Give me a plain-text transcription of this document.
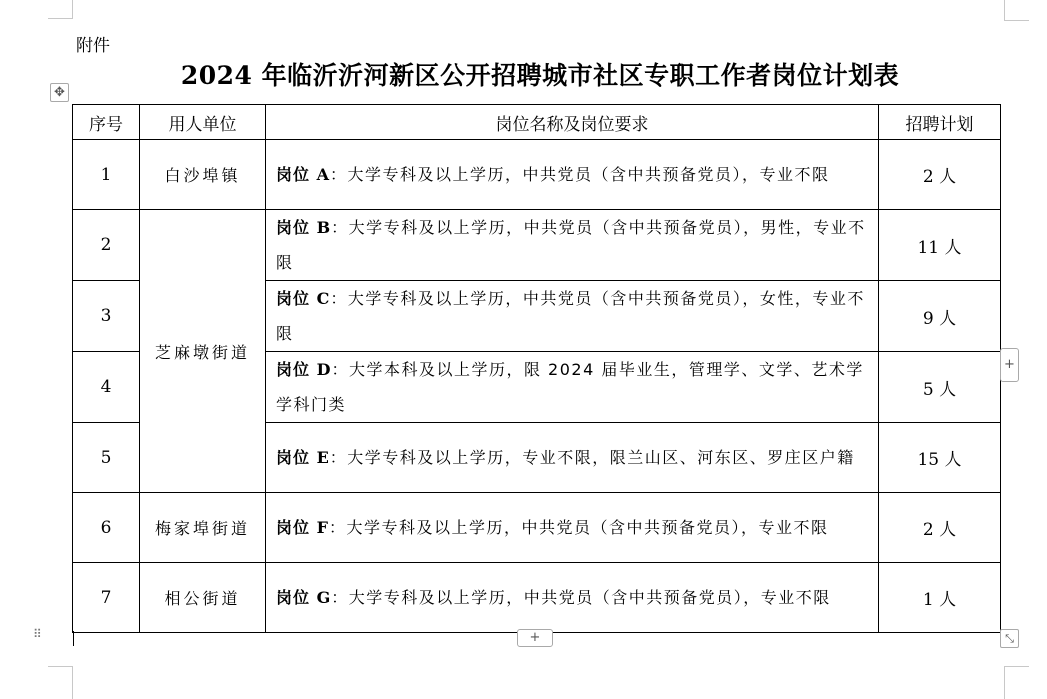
附件
2024 年临沂沂河新区公开招聘城市社区专职工作者岗位计划表
✥
序号	用人单位	岗位名称及岗位要求	招聘计划
1	白沙埠镇	岗位 A：大学专科及以上学历，中共党员（含中共预备党员），专业不限	2 人
2	芝麻墩街道	岗位 B：大学专科及以上学历，中共党员（含中共预备党员），男性，专业不限	11 人
3		岗位 C：大学专科及以上学历，中共党员（含中共预备党员），女性，专业不限	9 人
4		岗位 D：大学本科及以上学历，限 2024 届毕业生，管理学、文学、艺术学学科门类	5 人
5		岗位 E：大学专科及以上学历，专业不限，限兰山区、河东区、罗庄区户籍	15 人
6	梅家埠街道	岗位 F：大学专科及以上学历，中共党员（含中共预备党员），专业不限	2 人
7	相公街道	岗位 G：大学专科及以上学历，中共党员（含中共预备党员），专业不限	1 人
+
⠿	+	⤡
